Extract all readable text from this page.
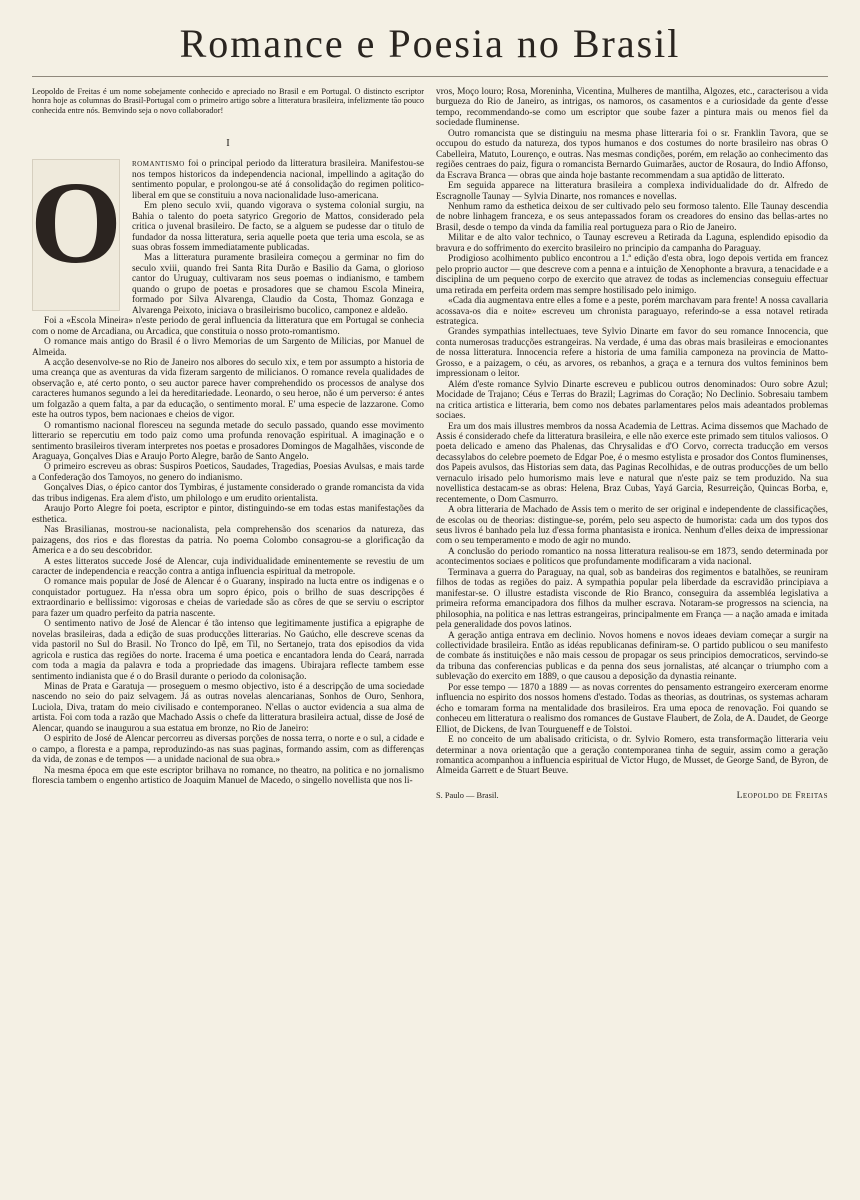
Romance e Poesia no Brasil

Leopoldo de Freitas é um nome sobejamente conhecido e apreciado no Brasil e em Portugal. O distincto escriptor honra hoje as columnas do Brasil-Portugal com o primeiro artigo sobre a litteratura brasileira, infelizmente tão pouco conhecida entre nós. Bemvindo seja o novo collaborador!

I
O	romantismo foi o principal periodo da litteratura brasileira. Manifestou-se nos tempos historicos da independencia nacional, impellindo a agitação do sentimento popular, e prolongou-se até á consolidação do regimen politico-liberal em que se constituiu a nova nacionalidade luso-americana.

Em pleno seculo xvii, quando vigorava o systema colonial surgiu, na Bahia o talento do poeta satyrico Gregorio de Mattos, considerado pela critica o juvenal brasileiro. De facto, se a alguem se pudesse dar o titulo de fundador da nossa litteratura, seria aquelle poeta que teria uma escola, se as suas obras fossem immediatamente publicadas.

Mas a litteratura puramente brasileira começou a germinar no fim do seculo xviii, quando frei Santa Rita Durão e Basilio da Gama, o glorioso cantor do Uruguay, cultivaram nos seus poemas o indianismo, e tambem quando o grupo de poetas e prosadores que se chamou Escola Mineira, formado por Silva Alvarenga, Claudio da Costa, Thomaz Gonzaga e Alvarenga Peixoto, iniciava o brasileirismo bucolico, camponez e aldeão.

Foi a «Escola Mineira» n'este periodo de geral influencia da litteratura que em Portugal se conhecia com o nome de Arcadiana, ou Arcadica, que constituia o nosso proto-romantismo.

O romance mais antigo do Brasil é o livro Memorias de um Sargento de Milicias, por Manuel de Almeida.

A acção desenvolve-se no Rio de Janeiro nos albores do seculo xix, e tem por assumpto a historia de uma creança que as aventuras da vida fizeram sargento de milicianos. O romance revela qualidades de observação e, até certo ponto, o seu auctor parece haver comprehendido os processos de analyse dos caracteres humanos segundo a lei da hereditariedade. Leonardo, o seu heroe, não é um perverso: é antes um folgazão a quem falta, a par da educação, o sentimento moral. E' uma especie de lazzarone. Como este ha outros typos, bem nacionaes e cheios de vigor.

O romantismo nacional floresceu na segunda metade do seculo passado, quando esse movimento litterario se repercutiu em todo paiz como uma profunda renovação espiritual. A imaginação e o sentimento brasileiros tiveram interpretes nos poetas e prosadores Domingos de Magalhães, visconde de Araguaya, Gonçalves Dias e Araujo Porto Alegre, barão de Santo Angelo.

O primeiro escreveu as obras: Suspiros Poeticos, Saudades, Tragedias, Poesias Avulsas, e mais tarde a Confederação dos Tamoyos, no genero do indianismo.

Gonçalves Dias, o épico cantor dos Tymbiras, é justamente considerado o grande romancista da vida das tribus indigenas. Era alem d'isto, um philologo e um erudito orientalista.

Araujo Porto Alegre foi poeta, escriptor e pintor, distinguindo-se em todas estas manifestações da esthetica.

Nas Brasilianas, mostrou-se nacionalista, pela comprehensão dos scenarios da natureza, das paizagens, dos rios e das florestas da patria. No poema Colombo consagrou-se a glorificação da America e a do seu descobridor.

A estes litteratos succede José de Alencar, cuja individualidade eminentemente se revestiu de um caracter de independencia e reacção contra a antiga influencia espiritual da metropole.

O romance mais popular de José de Alencar é o Guarany, inspirado na lucta entre os indigenas e o conquistador portuguez. Ha n'essa obra um sopro épico, pois o brilho de suas descripções é extraordinario e bellissimo: vigorosas e cheias de variedade são as côres de que se serviu o escriptor para fazer um quadro perfeito da patria nascente.

O sentimento nativo de José de Alencar é tão intenso que legitimamente justifica a epigraphe de novelas brasileiras, dada a edição de suas producções litterarias. No Gaúcho, elle descreve scenas da vida pastoril no Sul do Brasil. No Tronco do Ipê, em Til, no Sertanejo, trata dos episodios da vida agricola e rustica das regiões do norte. Iracema é uma poetica e encantadora lenda do Ceará, narrada com toda a magia da palavra e toda a propriedade das imagens. Ubirajara reflecte tambem esse sentimento indianista que é o do Brasil durante o periodo da colonisação.

Minas de Prata e Garatuja — proseguem o mesmo objectivo, isto é a descripção de uma sociedade nascendo no seio do paiz selvagem. Já as outras novelas alencarianas, Sonhos de Ouro, Senhora, Luciola, Diva, tratam do meio civilisado e contemporaneo. N'ellas o auctor evidencia a sua alma de artista. Foi com toda a razão que Machado Assis o chefe da litteratura brasileira actual, disse de José de Alencar, quando se inaugurou a sua estatua em bronze, no Rio de Janeiro:

O espirito de José de Alencar percorreu as diversas porções de nossa terra, o norte e o sul, a cidade e o campo, a floresta e a pampa, reproduzindo-as nas suas paginas, formando assim, com as differenças da vida, de zonas e de tempos — a unidade nacional de sua obra.»

Na mesma época em que este escriptor brilhava no romance, no theatro, na politica e no jornalismo florescia tambem o engenho artistico de Joaquim Manuel de Macedo, o singello novellista que nos li-

vros, Moço louro; Rosa, Moreninha, Vicentina, Mulheres de mantilha, Algozes, etc., caracterisou a vida burgueza do Rio de Janeiro, as intrigas, os namoros, os casamentos e a curiosidade da gente d'esse tempo, recommendando-se como um escriptor que soube fazer a pintura mais ou menos fiel da sociedade fluminense.

Outro romancista que se distinguiu na mesma phase litteraria foi o sr. Franklin Tavora, que se occupou do estudo da natureza, dos typos humanos e dos costumes do norte brasileiro nas obras O Cabelleira, Matuto, Lourenço, e outras. Nas mesmas condições, porém, em relação ao conhecimento das regiões centraes do paiz, figura o romancista Bernardo Guimarães, auctor de Rosaura, do Indio Affonso, da Escrava Branca — obras que ainda hoje bastante recommendam a sua aptidão de litterato.

Em seguida apparece na litteratura brasileira a complexa individualidade do dr. Alfredo de Escragnolle Taunay — Sylvia Dinarte, nos romances e novellas.

Nenhum ramo da esthetica deixou de ser cultivado pelo seu formoso talento. Elle Taunay descendia de nobre linhagem franceza, e os seus antepassados foram os creadores do ensino das bellas-artes no Brasil, desde o tempo da vinda da familia real portugueza para o Rio de Janeiro.

Militar e de alto valor technico, o Taunay escreveu a Retirada da Laguna, esplendido episodio da bravura e do soffrimento do exercito brasileiro no principio da campanha do Paraguay.

Prodigioso acolhimento publico encontrou a 1.ª edição d'esta obra, logo depois vertida em francez pelo proprio auctor — que descreve com a penna e a intuição de Xenophonte a bravura, a tenacidade e a disciplina de um pequeno corpo de exercito que atravez de todas as inclemencias conseguiu effectuar uma retirada em perfeita ordem mas sempre hostilisado pelo inimigo.

«Cada dia augmentava entre elles a fome e a peste, porém marchavam para frente! A nossa cavallaria acossava-os dia e noite» escreveu um chronista paraguayo, referindo-se a essa notavel retirada estrategica.

Grandes sympathias intellectuaes, teve Sylvio Dinarte em favor do seu romance Innocencia, que conta numerosas traducções estrangeiras. Na verdade, é uma das obras mais brasileiras e emocionantes de nossa litteratura. Innocencia refere a historia de uma familia camponeza na provincia de Matto-Grosso, e a paizagem, o céu, as arvores, os rebanhos, a graça e a ternura dos vultos femininos bem impressionam o leitor.

Além d'este romance Sylvio Dinarte escreveu e publicou outros denominados: Ouro sobre Azul; Mocidade de Trajano; Céus e Terras do Brazil; Lagrimas do Coração; No Declinio. Sobresaiu tambem na critica artistica e litteraria, bem como nos debates parlamentares pelos mais adeantados problemas sociaes.

Era um dos mais illustres membros da nossa Academia de Lettras. Acima dissemos que Machado de Assis é considerado chefe da litteratura brasileira, e elle não exerce este primado sem titulos valiosos. O poeta delicado e ameno das Phalenas, das Chrysalidas e d'O Corvo, correcta traducção em versos decassylabos do celebre poemeto de Edgar Poe, é o mesmo estylista e prosador dos Contos fluminenses, dos Papeis avulsos, das Historias sem data, das Paginas Recolhidas, e de outras producções de um bello vernaculo irisado pelo humorismo mais leve e natural que n'este paiz se tem produzido. Na sua novellistica destacam-se as obras: Helena, Braz Cubas, Yayá Garcia, Resurreição, Quincas Borba, e, recentemente, o Dom Casmurro.

A obra litteraria de Machado de Assis tem o merito de ser original e independente de classificações, de escolas ou de theorias: distingue-se, porém, pelo seu aspecto de humorista: cada um dos typos dos seus livros é banhado pela luz d'essa forma phantasista e ironica. Nenhum d'elles deixa de impressionar com o seu temperamento e modo de agir no mundo.

A conclusão do periodo romantico na nossa litteratura realisou-se em 1873, sendo determinada por acontecimentos sociaes e politicos que profundamente modificaram a vida nacional.

Terminava a guerra do Paraguay, na qual, sob as bandeiras dos regimentos e batalhões, se reuniram filhos de todas as regiões do paiz. A sympathia popular pela liberdade da escravidão principiava a manifestar-se. O illustre estadista visconde de Rio Branco, conseguira da assembléa legislativa a primeira reforma emancipadora dos filhos da mulher escrava. Notaram-se progressos na sciencia, na philosophia, na politica e nas lettras estrangeiras, principalmente em França — a nação amada e imitada pela generalidade dos povos latinos.

A geração antiga entrava em declinio. Novos homens e novos ideaes deviam começar a surgir na collectividade brasileira. Então as idéas republicanas definiram-se. O partido publicou o seu manifesto de combate ás instituições e não mais cessou de propagar os seus principios democraticos, servindo-se da tribuna das conferencias publicas e da penna dos seus jornalistas, até alcançar o triumpho com a sublevação do exercito em 1889, o que causou a deposição da dynastia reinante.

Por esse tempo — 1870 a 1889 — as novas correntes do pensamento estrangeiro exerceram enorme influencia no espirito dos nossos homens d'estado. Todas as theorias, as doutrinas, os systemas acharam écho e tomaram forma na mentalidade dos brasileiros. Era uma epoca de renovação. Foi quando se conheceu em litteratura o realismo dos romances de Gustave Flaubert, de Zola, de A. Daudet, de George Elliot, de Dickens, de Ivan Tourgueneff e de Tolstoi.

E no conceito de um abalisado criticista, o dr. Sylvio Romero, esta transformação litteraria veiu determinar a nova orientação que a geração contemporanea tinha de seguir, assim como a geração romantica acompanhou a influencia espiritual de Victor Hugo, de Musset, de George Sand, de Byron, de Almeida Garrett e de Stuart Beuve.

S. Paulo — Brasil.	Leopoldo de Freitas
